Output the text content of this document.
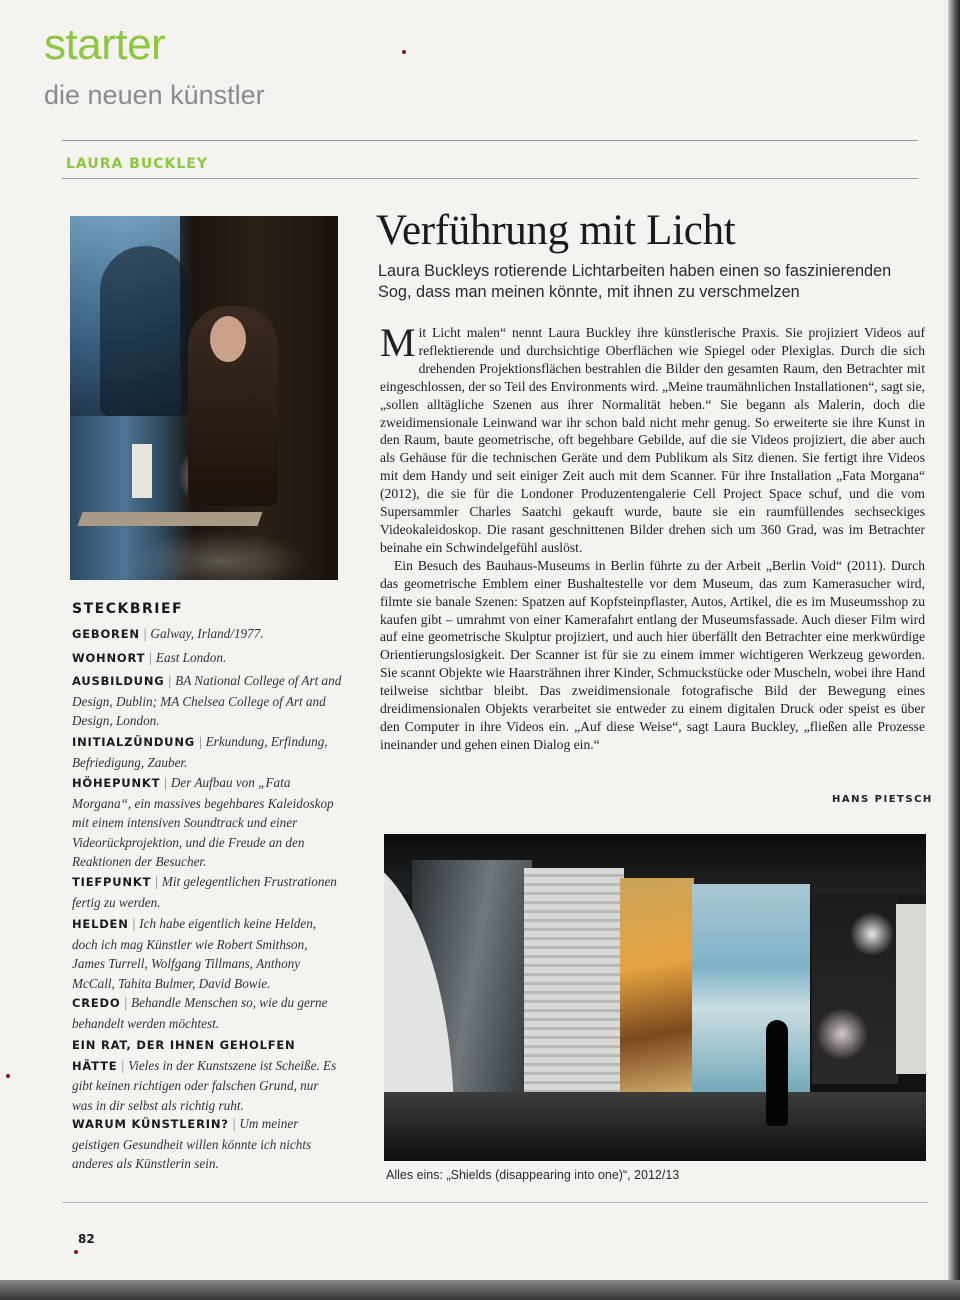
starter
die neuen künstler
LAURA BUCKLEY
Verführung mit Licht
Laura Buckleys rotierende Lichtarbeiten haben einen so faszinierenden Sog, dass man meinen könnte, mit ihnen zu verschmelzen

Mit Licht malen“ nennt Laura Buckley ihre künstlerische Praxis. Sie projiziert Videos auf reflektierende und durchsichtige Oberflächen wie Spiegel oder Plexiglas. Durch die sich drehenden Projektionsflächen bestrahlen die Bilder den gesamten Raum, den Betrachter mit eingeschlossen, der so Teil des Environments wird. „Meine traumähnlichen Installationen“, sagt sie, „sollen alltägliche Szenen aus ihrer Normalität heben.“ Sie begann als Malerin, doch die zweidimensionale Leinwand war ihr schon bald nicht mehr genug. So erweiterte sie ihre Kunst in den Raum, baute geometrische, oft begehbare Gebilde, auf die sie Videos projiziert, die aber auch als Gehäuse für die technischen Geräte und dem Publikum als Sitz dienen. Sie fertigt ihre Videos mit dem Handy und seit einiger Zeit auch mit dem Scanner. Für ihre Installation „Fata Morgana“ (2012), die sie für die Londoner Produzentengalerie Cell Project Space schuf, und die vom Supersammler Charles Saatchi gekauft wurde, baute sie ein raumfüllendes sechseckiges Videokaleidoskop. Die rasant geschnittenen Bilder drehen sich um 360 Grad, was im Betrachter beinahe ein Schwindelgefühl auslöst.

Ein Besuch des Bauhaus-Museums in Berlin führte zu der Arbeit „Berlin Void“ (2011). Durch das geometrische Emblem einer Bushaltestelle vor dem Museum, das zum Kamerasucher wird, filmte sie banale Szenen: Spatzen auf Kopfsteinpflaster, Autos, Artikel, die es im Museumsshop zu kaufen gibt – umrahmt von einer Kamerafahrt entlang der Museumsfassade. Auch dieser Film wird auf eine geometrische Skulptur projiziert, und auch hier überfällt den Betrachter eine merkwürdige Orientierungslosigkeit. Der Scanner ist für sie zu einem immer wichtigeren Werkzeug geworden. Sie scannt Objekte wie Haarsträhnen ihrer Kinder, Schmuckstücke oder Muscheln, wobei ihre Hand teilweise sichtbar bleibt. Das zweidimensionale fotografische Bild der Bewegung eines dreidimensionalen Objekts verarbeitet sie entweder zu einem digitalen Druck oder speist es über den Computer in ihre Videos ein. „Auf diese Weise“, sagt Laura Buckley, „fließen alle Prozesse ineinander und gehen einen Dialog ein.“

HANS PIETSCH
Alles eins: „Shields (disappearing into one)“, 2012/13
STECKBRIEF
GEBOREN | Galway, Irland/1977.
WOHNORT | East London.
AUSBILDUNG | BA National College of Art and Design, Dublin; MA Chelsea College of Art and Design, London.
INITIALZÜNDUNG | Erkundung, Erfindung, Befriedigung, Zauber.
HÖHEPUNKT | Der Aufbau von „Fata Morgana“, ein massives begehbares Kaleidoskop mit einem intensiven Soundtrack und einer Videorückprojektion, und die Freude an den Reaktionen der Besucher.
TIEFPUNKT | Mit gelegentlichen Frustrationen fertig zu werden.
HELDEN | Ich habe eigentlich keine Helden, doch ich mag Künstler wie Robert Smithson, James Turrell, Wolfgang Tillmans, Anthony McCall, Tahita Bulmer, David Bowie.
CREDO | Behandle Menschen so, wie du gerne behandelt werden möchtest.
EIN RAT, DER IHNEN GEHOLFEN HÄTTE | Vieles in der Kunstszene ist Scheiße. Es gibt keinen richtigen oder falschen Grund, nur was in dir selbst als richtig ruht.
WARUM KÜNSTLERIN? | Um meiner geistigen Gesundheit willen könnte ich nichts anderes als Künstlerin sein.
82
